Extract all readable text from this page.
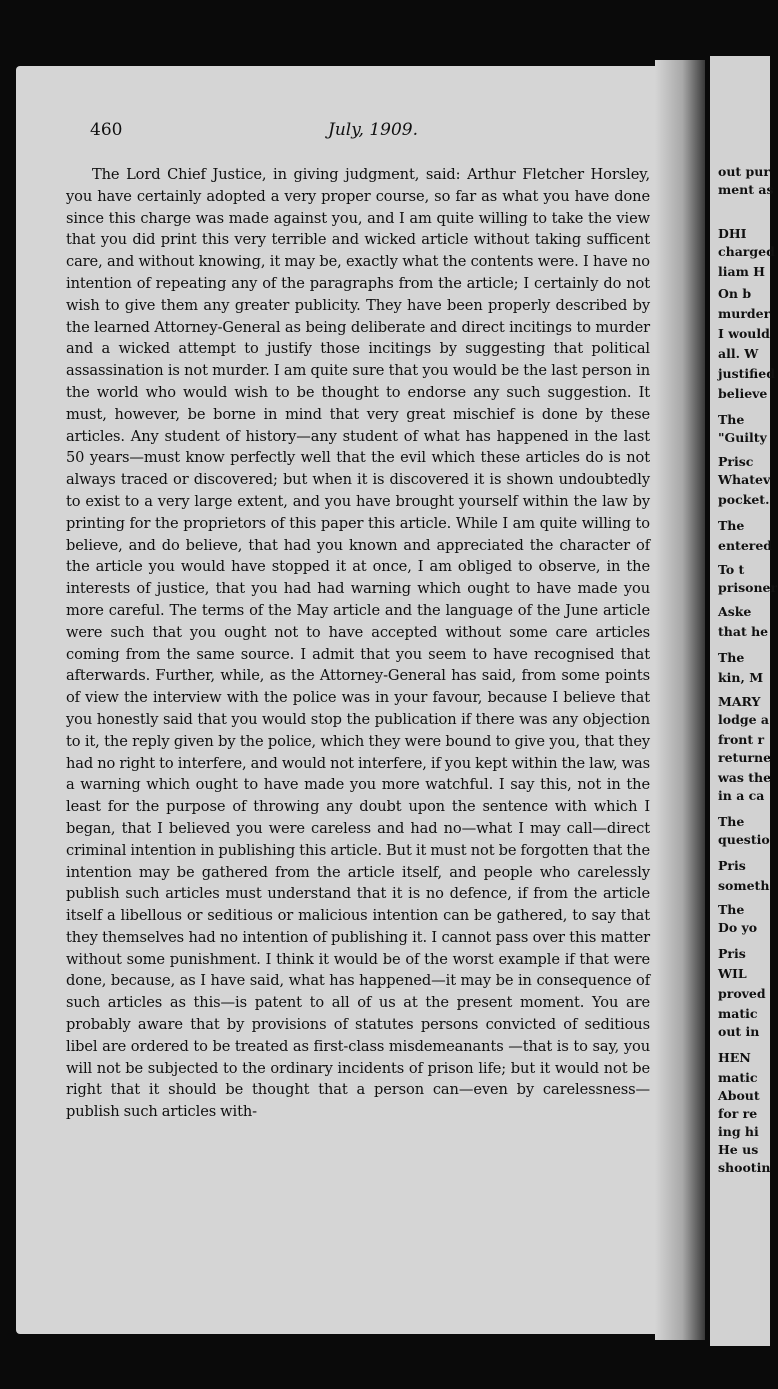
out pur
ment as
DHI
charged
liam H
On b
murder
I would
all. W
justified
believe
The
"Guilty
Prisc
Whatev
pocket.
The
entered
To t
prisoner
Aske
that he
The
kin, M
MARY
lodge a
front r
returne
was the
in a ca
The
questio
Pris
someth
The
Do yo
Pris
WIL
proved
matic
out in
HEN
matic
About
for re
ing hi
He us
shootin
460	July, 1909.

The Lord Chief Justice, in giving judgment, said: Arthur Fletcher Horsley, you have certainly adopted a very proper course, so far as what you have done since this charge was made against you, and I am quite willing to take the view that you did print this very terrible and wicked article without taking sufficent care, and without knowing, it may be, exactly what the contents were. I have no intention of repeating any of the paragraphs from the article; I certainly do not wish to give them any greater publicity. They have been properly described by the learned Attorney-General as being deliberate and direct incitings to murder and a wicked attempt to justify those incitings by suggesting that political assassination is not murder. I am quite sure that you would be the last person in the world who would wish to be thought to endorse any such suggestion. It must, however, be borne in mind that very great mischief is done by these articles. Any student of history—any student of what has happened in the last 50 years—must know perfectly well that the evil which these articles do is not always traced or discovered; but when it is discovered it is shown undoubtedly to exist to a very large extent, and you have brought yourself within the law by printing for the proprietors of this paper this article. While I am quite willing to believe, and do believe, that had you known and appreciated the character of the article you would have stopped it at once, I am obliged to observe, in the interests of justice, that you had had warning which ought to have made you more careful. The terms of the May article and the language of the June article were such that you ought not to have accepted without some care articles coming from the same source. I admit that you seem to have recognised that afterwards. Further, while, as the Attorney-General has said, from some points of view the interview with the police was in your favour, because I believe that you honestly said that you would stop the publication if there was any objection to it, the reply given by the police, which they were bound to give you, that they had no right to interfere, and would not interfere, if you kept within the law, was a warning which ought to have made you more watchful. I say this, not in the least for the purpose of throwing any doubt upon the sentence with which I began, that I believed you were careless and had no—what I may call—direct criminal intention in publishing this article. But it must not be forgotten that the intention may be gathered from the article itself, and people who carelessly publish such articles must understand that it is no defence, if from the article itself a libellous or seditious or malicious intention can be gathered, to say that they themselves had no intention of publishing it. I cannot pass over this matter without some punishment. I think it would be of the worst example if that were done, because, as I have said, what has happened—it may be in consequence of such articles as this—is patent to all of us at the present moment. You are probably aware that by provisions of statutes persons convicted of seditious libel are ordered to be treated as first-class misdemeanants —that is to say, you will not be subjected to the ordinary incidents of prison life; but it would not be right that it should be thought that a person can—even by carelessness—publish such articles with-
